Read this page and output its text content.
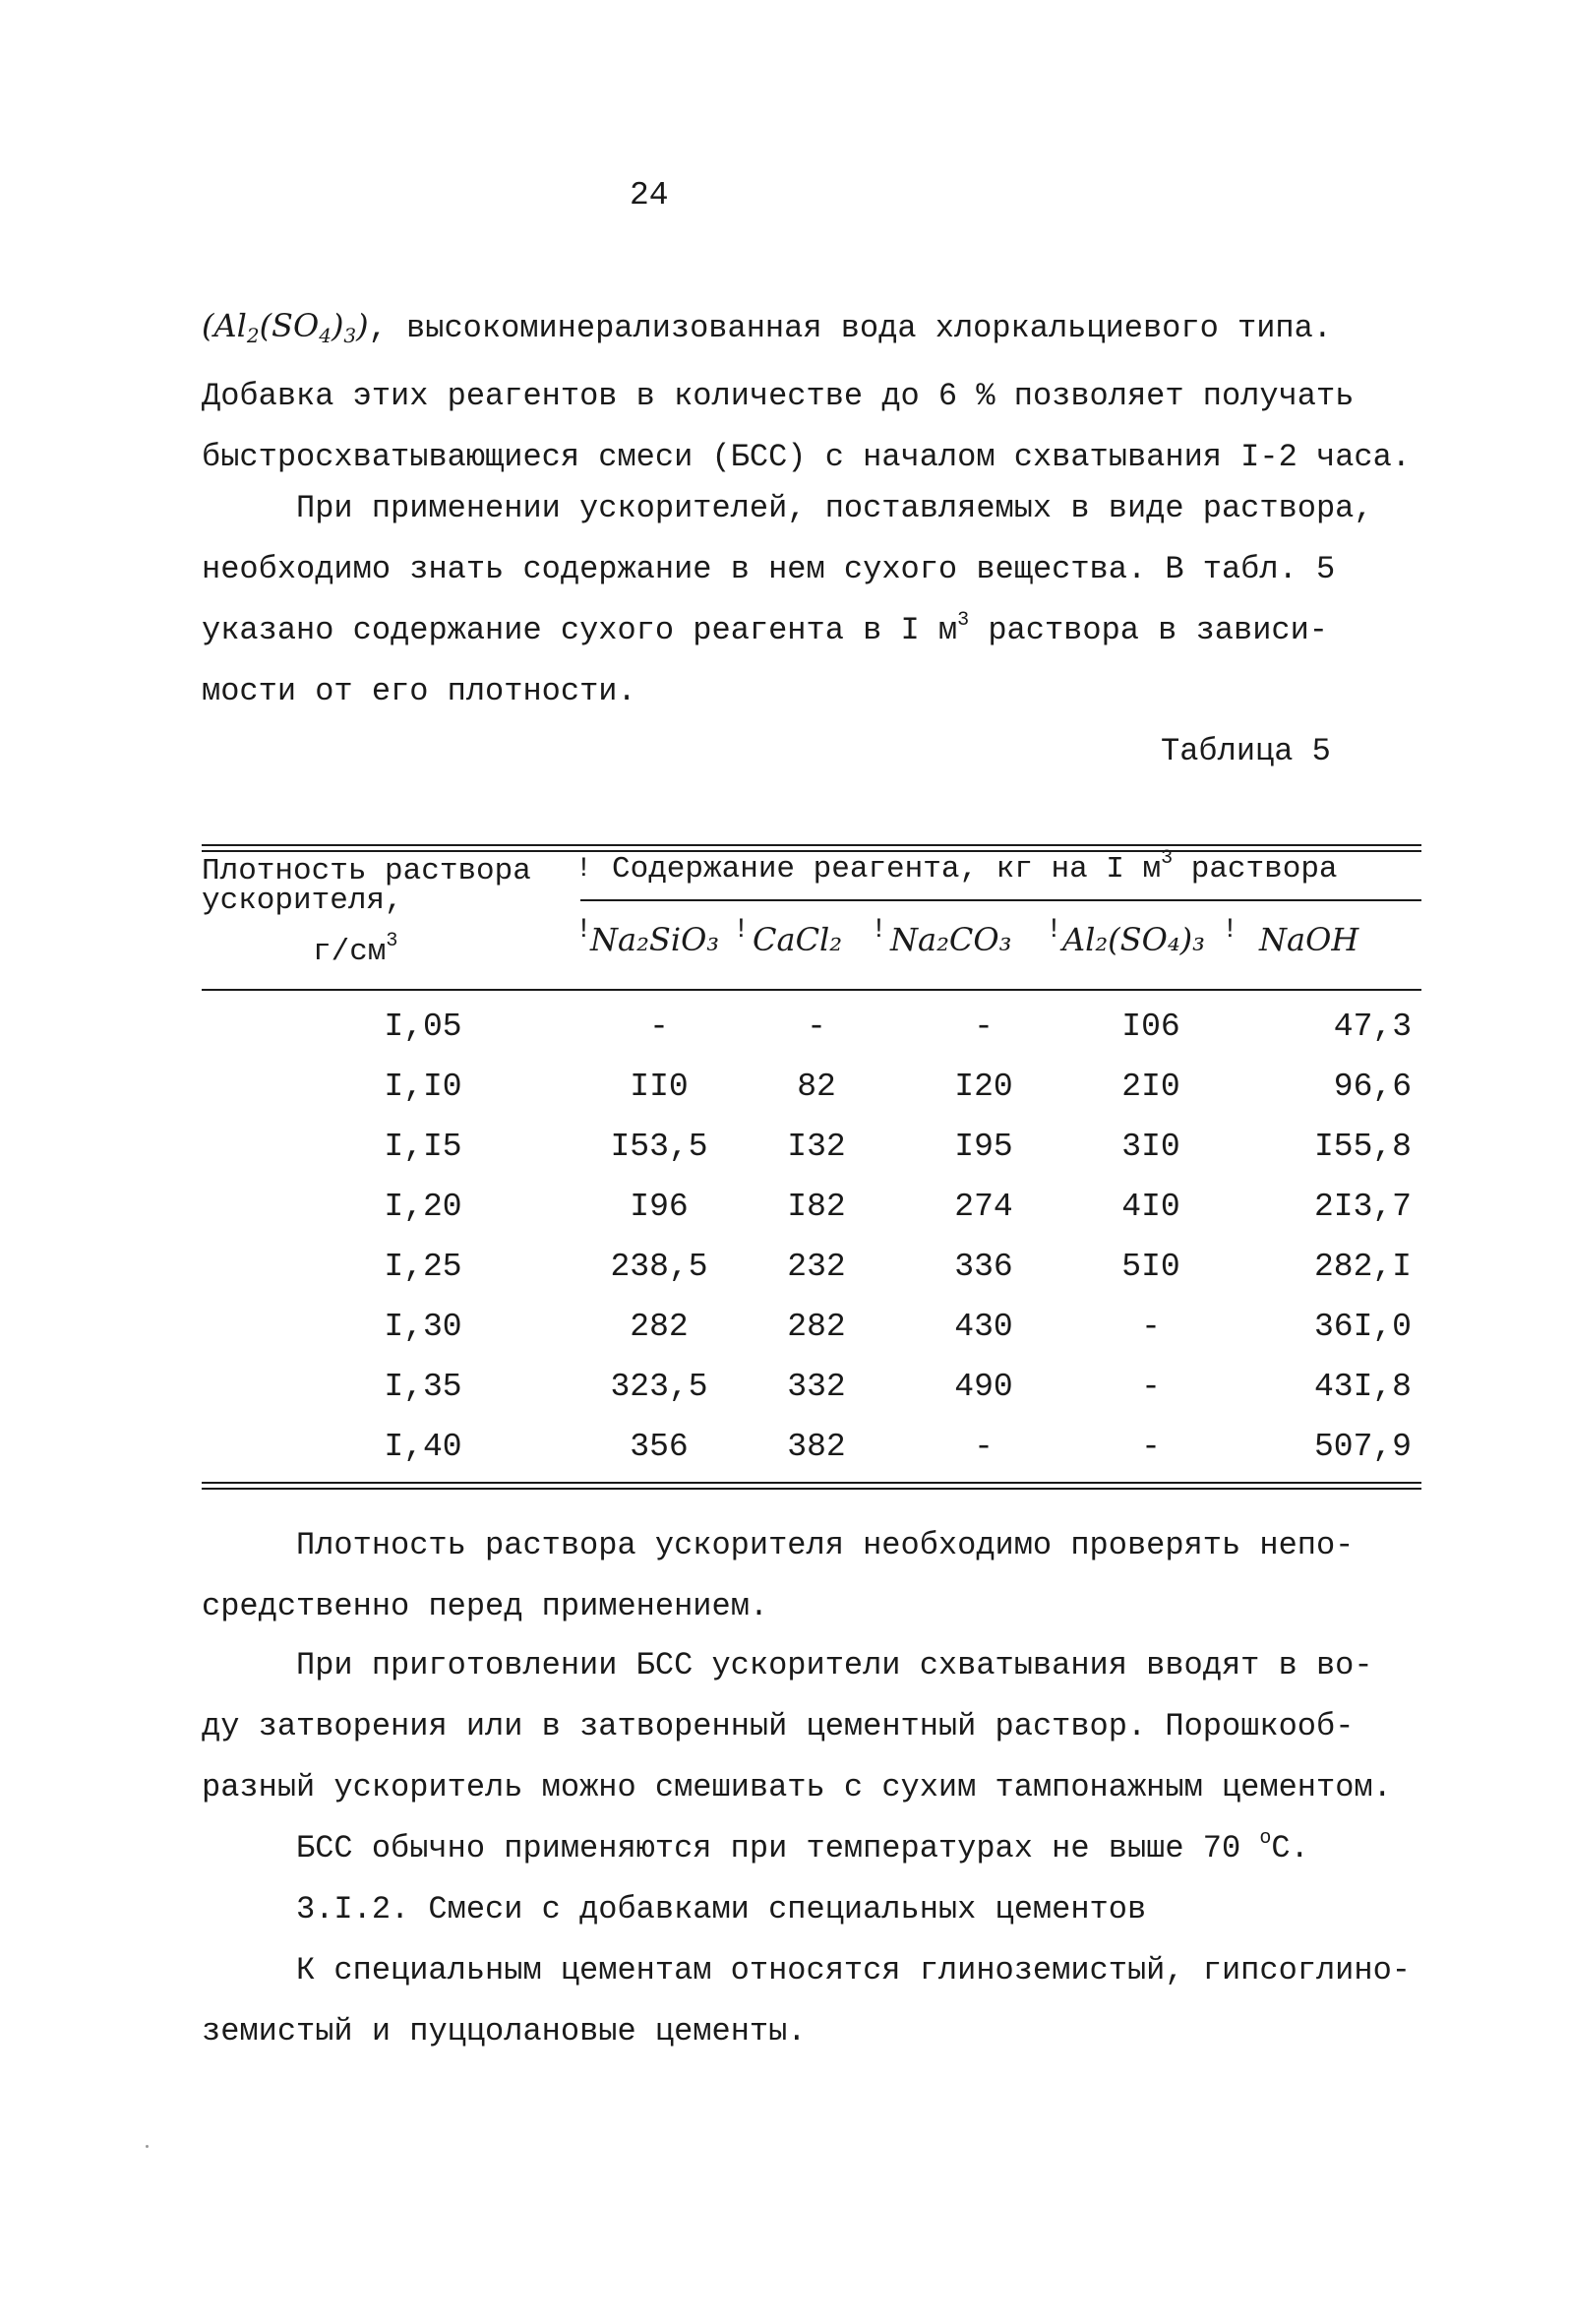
24
$(Al_2(SO_4)_3)$, высокоминерализованная вода хлоркальциевого типа.
Добавка этих реагентов в количестве до 6 % позволяет получать
быстросхватывающиеся смеси (БСС) с началом схватывания I-2 часа.
При применении ускорителей, поставляемых в виде раствора,
необходимо знать содержание в нем сухого вещества. В табл. 5
указано содержание сухого реагента в I $м^3$ раствора в зависи-
мости от его плотности.
Таблица 5
Плотность раствора
ускорителя,
$г/см^3$
! Содержание реагента, кг на I $м^3$ раствора
!
Na₂SiO₃ ! CaCl₂ ! Na₂CO₃ ! Al₂(SO₄)₃ ! NaOH
I,05	-	-	-	I06	47,3
I,I0	II0	82	I20	2I0	96,6
I,I5	I53,5	I32	I95	3I0	I55,8
I,20	I96	I82	274	4I0	2I3,7
I,25	238,5	232	336	5I0	282,I
I,30	282	282	430	-	36I,0
I,35	323,5	332	490	-	43I,8
I,40	356	382	-	-	507,9
Плотность раствора ускорителя необходимо проверять непо-
средственно перед применением.
При приготовлении БСС ускорители схватывания вводят в во-
ду затворения или в затворенный цементный раствор. Порошкооб-
разный ускоритель можно смешивать с сухим тампонажным цементом.
БСС обычно применяются при температурах не выше 70 $^o$С.
3.I.2. Смеси с добавками специальных цементов
К специальным цементам относятся глиноземистый, гипсоглино-
земистый и пуццолановые цементы.
